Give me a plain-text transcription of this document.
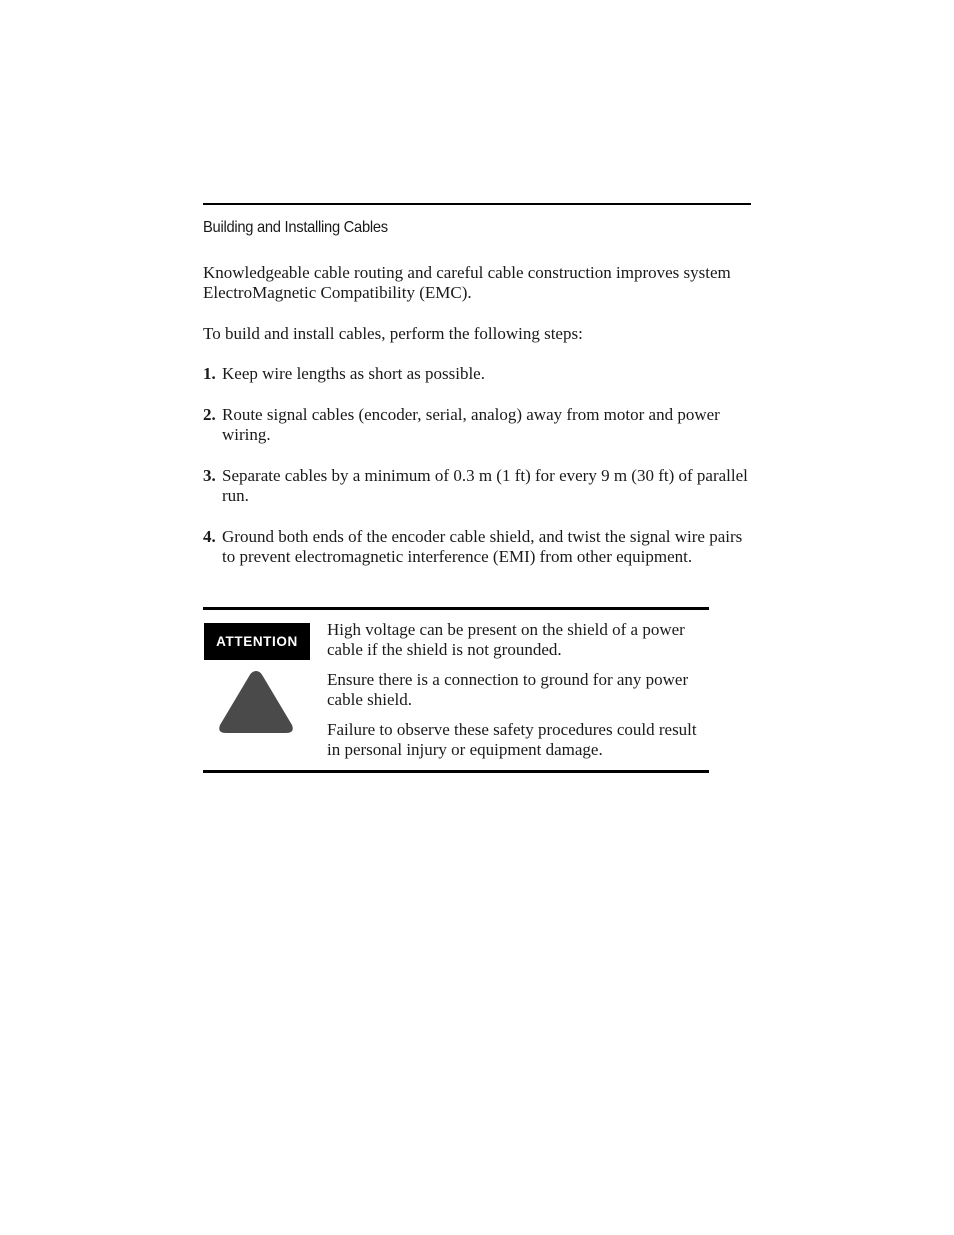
Building and Installing Cables

Knowledgeable cable routing and careful cable construction improves system ElectroMagnetic Compatibility (EMC).

To build and install cables, perform the following steps:

1. Keep wire lengths as short as possible.
2. Route signal cables (encoder, serial, analog) away from motor and power wiring.
3. Separate cables by a minimum of 0.3 m (1 ft) for every 9 m (30 ft) of parallel run.
4. Ground both ends of the encoder cable shield, and twist the signal wire pairs to prevent electromagnetic interference (EMI) from other equipment.
ATTENTION

High voltage can be present on the shield of a power cable if the shield is not grounded.

Ensure there is a connection to ground for any power cable shield.

Failure to observe these safety procedures could result in personal injury or equipment damage.
